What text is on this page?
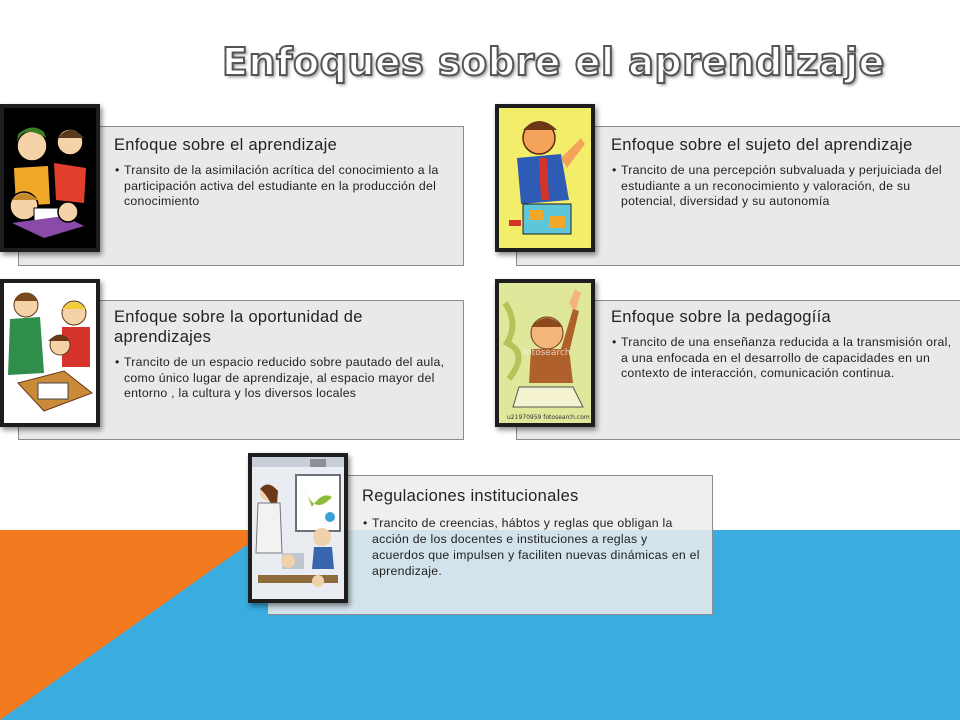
Enfoques sobre el aprendizaje
Enfoque sobre el aprendizaje
• Transito de la asimilación acrítica del conocimiento a la participación activa del estudiante en la producción del conocimiento
Enfoque sobre el sujeto del aprendizaje
• Trancito de una percepción subvaluada y perjuiciada del estudiante a un reconocimiento y valoración, de su potencial, diversidad y su autonomía
Enfoque sobre la oportunidad de aprendizajes
• Trancito de un espacio reducido sobre pautado del aula, como único lugar de aprendizaje, al espacio mayor del entorno , la cultura y los diversos locales
Enfoque sobre la pedagogíía
• Trancito de una enseñanza reducida a la transmisión oral, a una enfocada en el desarrollo de capacidades en un contexto de interacción, comunicación continua.
fotosearch
u21970959 fotosearch.com
Regulaciones institucionales
• Trancito de creencias, hábtos y reglas que obligan la acción de los docentes e instituciones a reglas y acuerdos que impulsen y faciliten nuevas dinámicas en el aprendizaje.
